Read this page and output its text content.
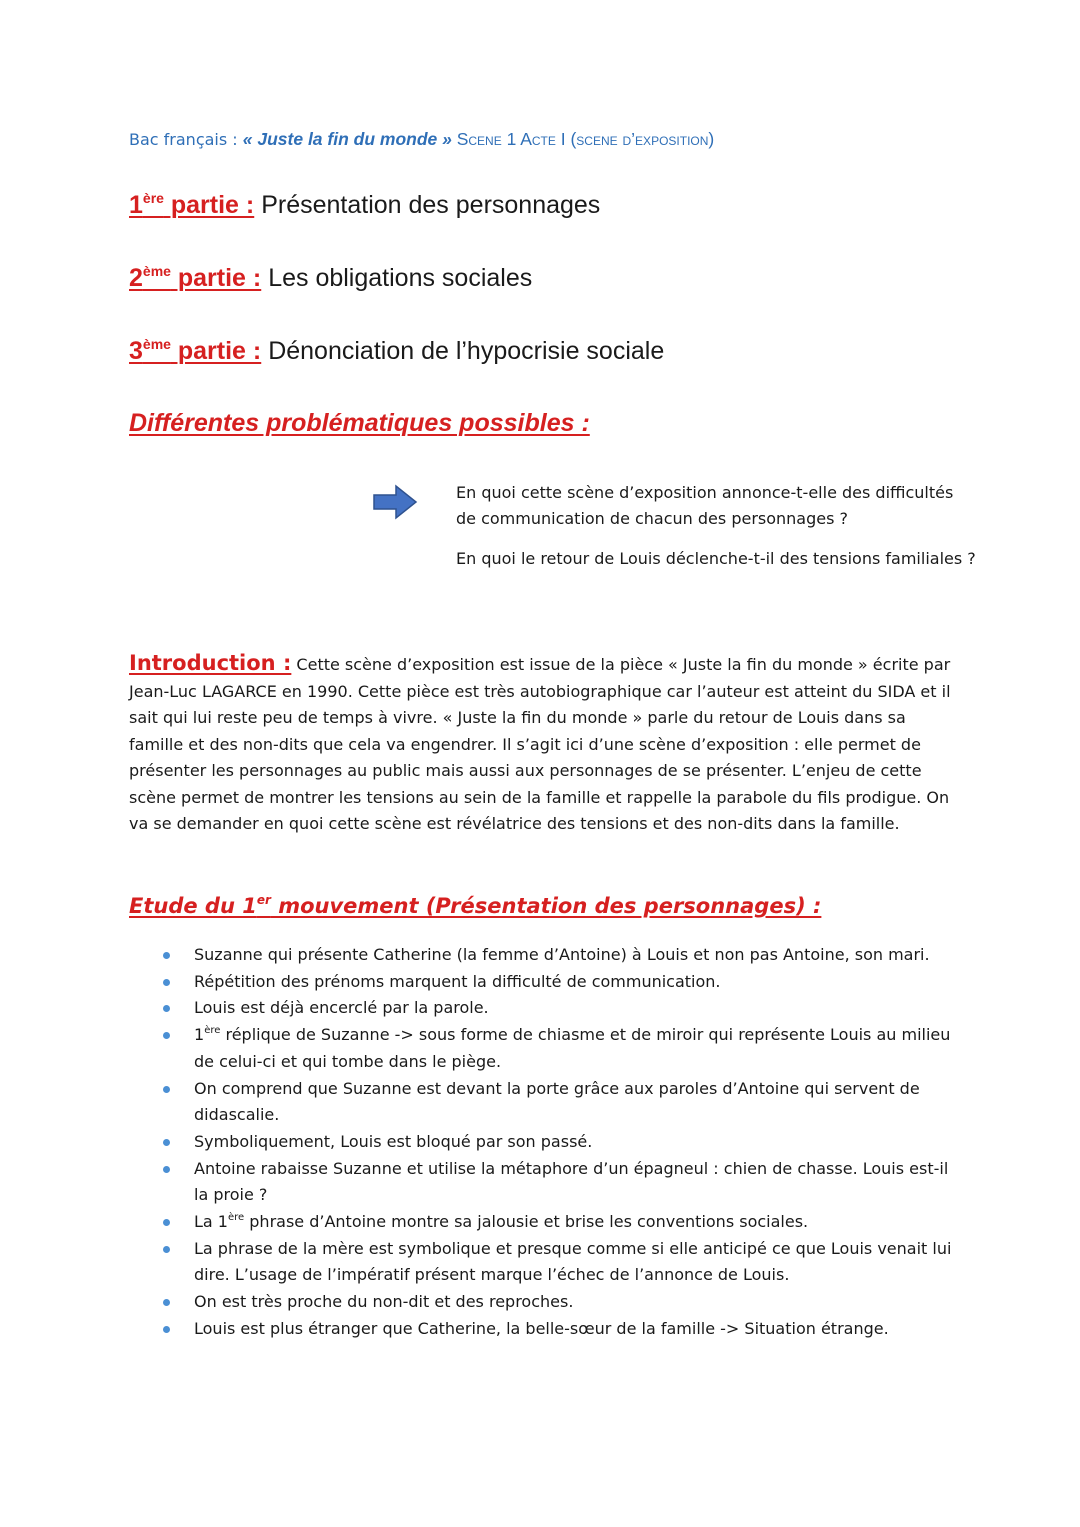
Bac français : « Juste la fin du monde » Scene 1 Acte I (scene d’exposition)
1ère partie : Présentation des personnages
2ème partie : Les obligations sociales
3ème partie : Dénonciation de l’hypocrisie sociale
Différentes problématiques possibles :

En quoi cette scène d’exposition annonce-t-elle des difficultés de communication de chacun des personnages ?

En quoi le retour de Louis déclenche-t-il des tensions familiales ?

Introduction : Cette scène d’exposition est issue de la pièce « Juste la fin du monde » écrite par Jean-Luc LAGARCE en 1990. Cette pièce est très autobiographique car l’auteur est atteint du SIDA et il sait qui lui reste peu de temps à vivre. « Juste la fin du monde » parle du retour de Louis dans sa famille et des non-dits que cela va engendrer. Il s’agit ici d’une scène d’exposition : elle permet de présenter les personnages au public mais aussi aux personnages de se présenter. L’enjeu de cette scène permet de montrer les tensions au sein de la famille et rappelle la parabole du fils prodigue. On va se demander en quoi cette scène est révélatrice des tensions et des non-dits dans la famille.
Etude du 1er mouvement (Présentation des personnages) :
Suzanne qui présente Catherine (la femme d’Antoine) à Louis et non pas Antoine, son mari.
Répétition des prénoms marquent la difficulté de communication.
Louis est déjà encerclé par la parole.
1ère réplique de Suzanne -> sous forme de chiasme et de miroir qui représente Louis au milieu de celui-ci et qui tombe dans le piège.
On comprend que Suzanne est devant la porte grâce aux paroles d’Antoine qui servent de didascalie.
Symboliquement, Louis est bloqué par son passé.
Antoine rabaisse Suzanne et utilise la métaphore d’un épagneul : chien de chasse. Louis est-il la proie ?
La 1ère phrase d’Antoine montre sa jalousie et brise les conventions sociales.
La phrase de la mère est symbolique et presque comme si elle anticipé ce que Louis venait lui dire. L’usage de l’impératif présent marque l’échec de l’annonce de Louis.
On est très proche du non-dit et des reproches.
Louis est plus étranger que Catherine, la belle-sœur de la famille -> Situation étrange.
